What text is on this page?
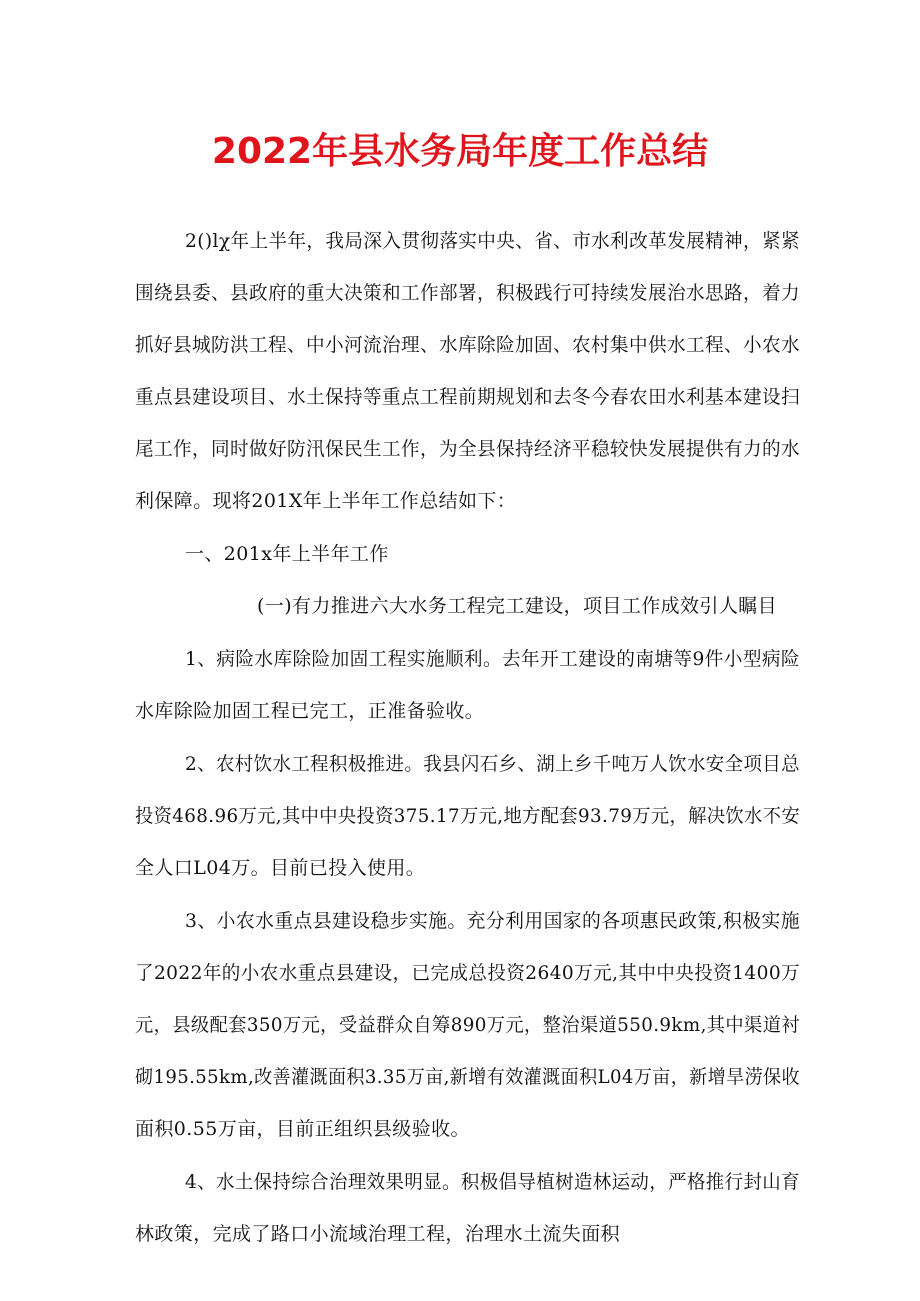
2022年县水务局年度工作总结
2()lχ年上半年，我局深入贯彻落实中央、省、市水利改革发展精神，紧紧
围绕县委、县政府的重大决策和工作部署，积极践行可持续发展治水思路，着力
抓好县城防洪工程、中小河流治理、水库除险加固、农村集中供水工程、小农水
重点县建设项目、水土保持等重点工程前期规划和去冬今春农田水利基本建设扫
尾工作，同时做好防汛保民生工作，为全县保持经济平稳较快发展提供有力的水
利保障。现将201X年上半年工作总结如下：
一、201x年上半年工作
(一)有力推进六大水务工程完工建设，项目工作成效引人瞩目
1、病险水库除险加固工程实施顺利。去年开工建设的南塘等9件小型病险
水库除险加固工程已完工，正准备验收。
2、农村饮水工程积极推进。我县闪石乡、湖上乡千吨万人饮水安全项目总
投资468.96万元,其中中央投资375.17万元,地方配套93.79万元，解决饮水不安
全人口L04万。目前已投入使用。
3、小农水重点县建设稳步实施。充分利用国家的各项惠民政策,积极实施
了2022年的小农水重点县建设，已完成总投资2640万元,其中中央投资1400万
元，县级配套350万元，受益群众自筹890万元，整治渠道550.9km,其中渠道衬
砌195.55km,改善灌溉面积3.35万亩,新增有效灌溉面积L04万亩，新增旱涝保收
面积0.55万亩，目前正组织县级验收。
4、水土保持综合治理效果明显。积极倡导植树造林运动，严格推行封山育
林政策，完成了路口小流域治理工程，治理水土流失面积
